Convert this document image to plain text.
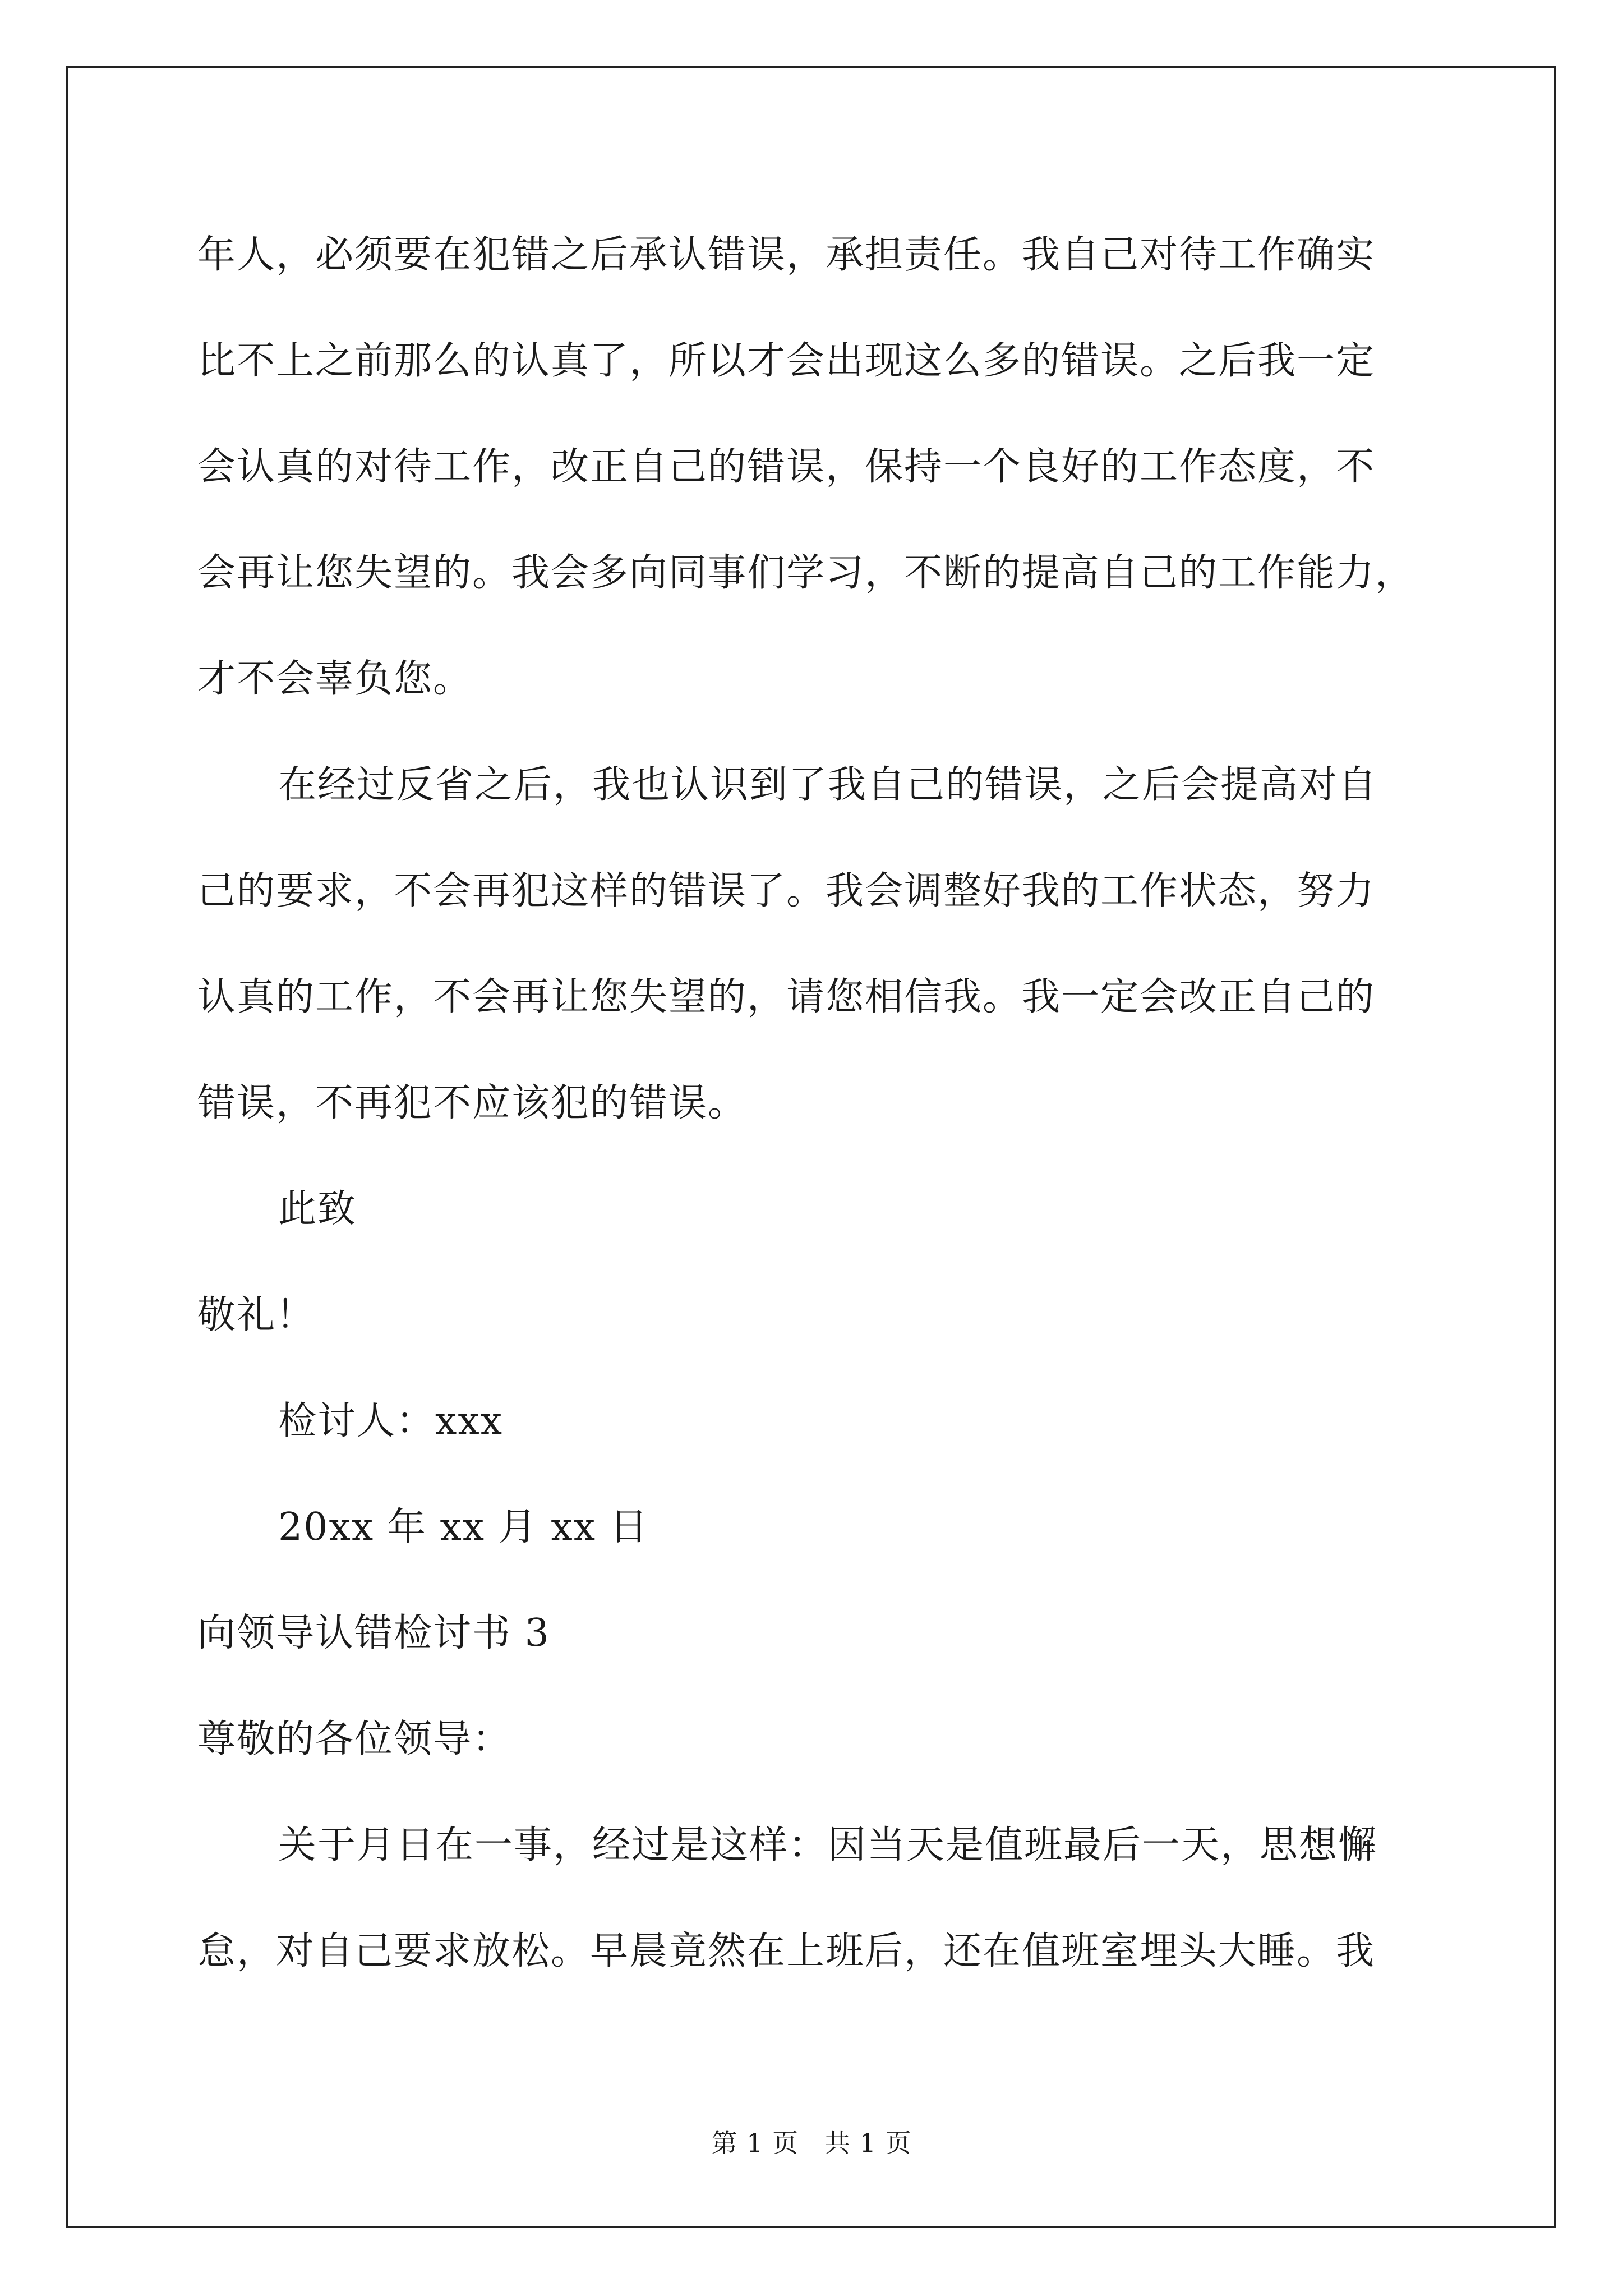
年人，必须要在犯错之后承认错误，承担责任。我自己对待工作确实
比不上之前那么的认真了，所以才会出现这么多的错误。之后我一定
会认真的对待工作，改正自己的错误，保持一个良好的工作态度，不
会再让您失望的。我会多向同事们学习，不断的提高自己的工作能力，
才不会辜负您。
在经过反省之后，我也认识到了我自己的错误，之后会提高对自
己的要求，不会再犯这样的错误了。我会调整好我的工作状态，努力
认真的工作，不会再让您失望的，请您相信我。我一定会改正自己的
错误，不再犯不应该犯的错误。
此致
敬礼！
检讨人：xxx
20xx 年 xx 月 xx 日
向领导认错检讨书 3
尊敬的各位领导：
关于月日在一事，经过是这样：因当天是值班最后一天，思想懈
怠，对自己要求放松。早晨竟然在上班后，还在值班室埋头大睡。我
第 1 页 共 1 页
